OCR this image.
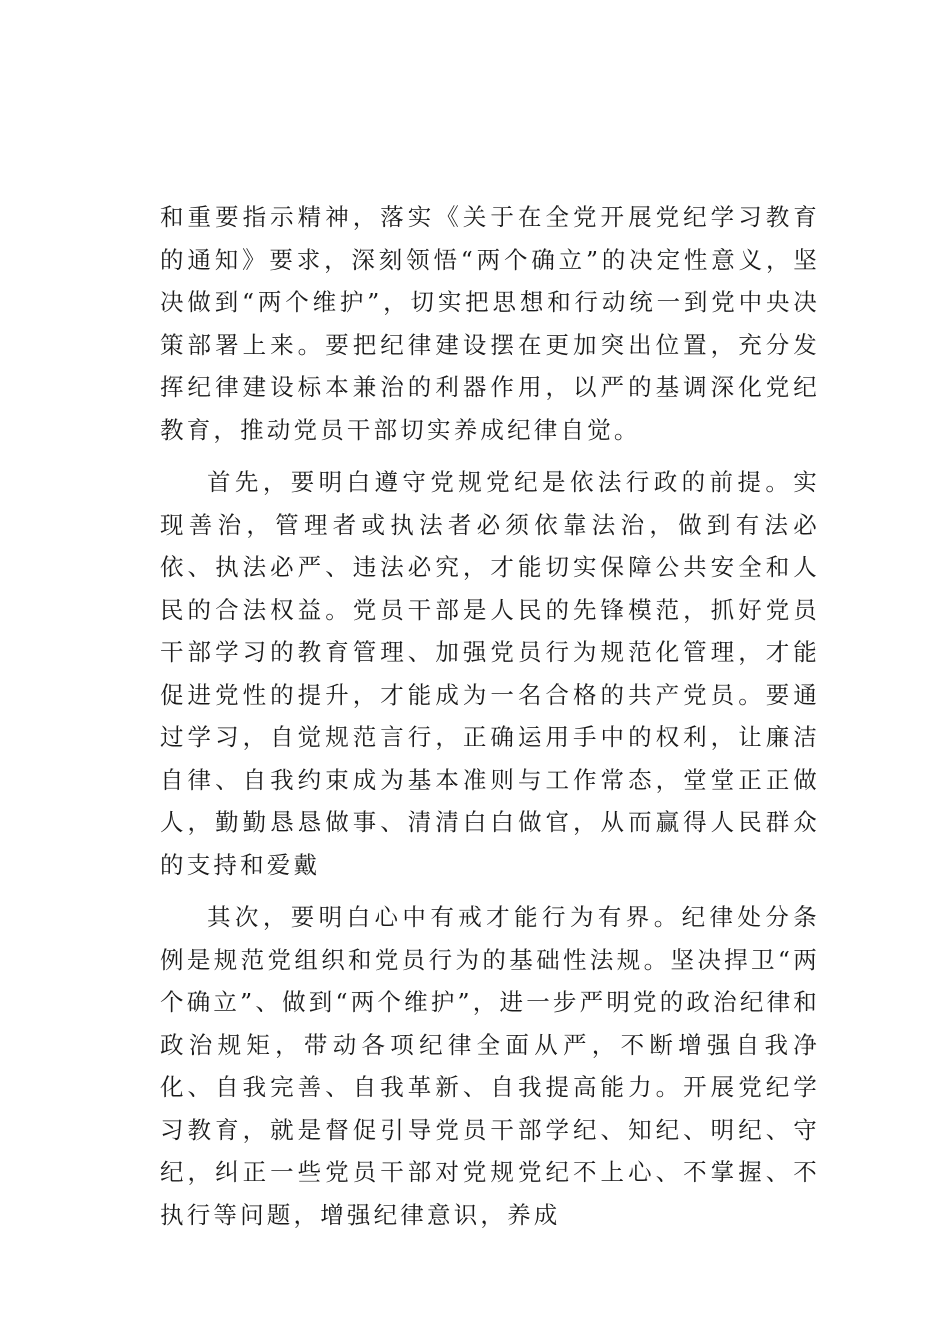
和重要指示精神，落实《关于在全党开展党纪学习教育的通知》要求，深刻领悟“两个确立”的决定性意义，坚决做到“两个维护”，切实把思想和行动统一到党中央决策部署上来。要把纪律建设摆在更加突出位置，充分发挥纪律建设标本兼治的利器作用，以严的基调深化党纪教育，推动党员干部切实养成纪律自觉。

首先，要明白遵守党规党纪是依法行政的前提。实现善治，管理者或执法者必须依靠法治，做到有法必依、执法必严、违法必究，才能切实保障公共安全和人民的合法权益。党员干部是人民的先锋模范，抓好党员干部学习的教育管理、加强党员行为规范化管理，才能促进党性的提升，才能成为一名合格的共产党员。要通过学习，自觉规范言行，正确运用手中的权利，让廉洁自律、自我约束成为基本准则与工作常态，堂堂正正做人，勤勤恳恳做事、清清白白做官，从而赢得人民群众的支持和爱戴

其次，要明白心中有戒才能行为有界。纪律处分条例是规范党组织和党员行为的基础性法规。坚决捍卫“两个确立”、做到“两个维护”，进一步严明党的政治纪律和政治规矩，带动各项纪律全面从严，不断增强自我净化、自我完善、自我革新、自我提高能力。开展党纪学习教育，就是督促引导党员干部学纪、知纪、明纪、守纪，纠正一些党员干部对党规党纪不上心、不掌握、不执行等问题，增强纪律意识，养成
